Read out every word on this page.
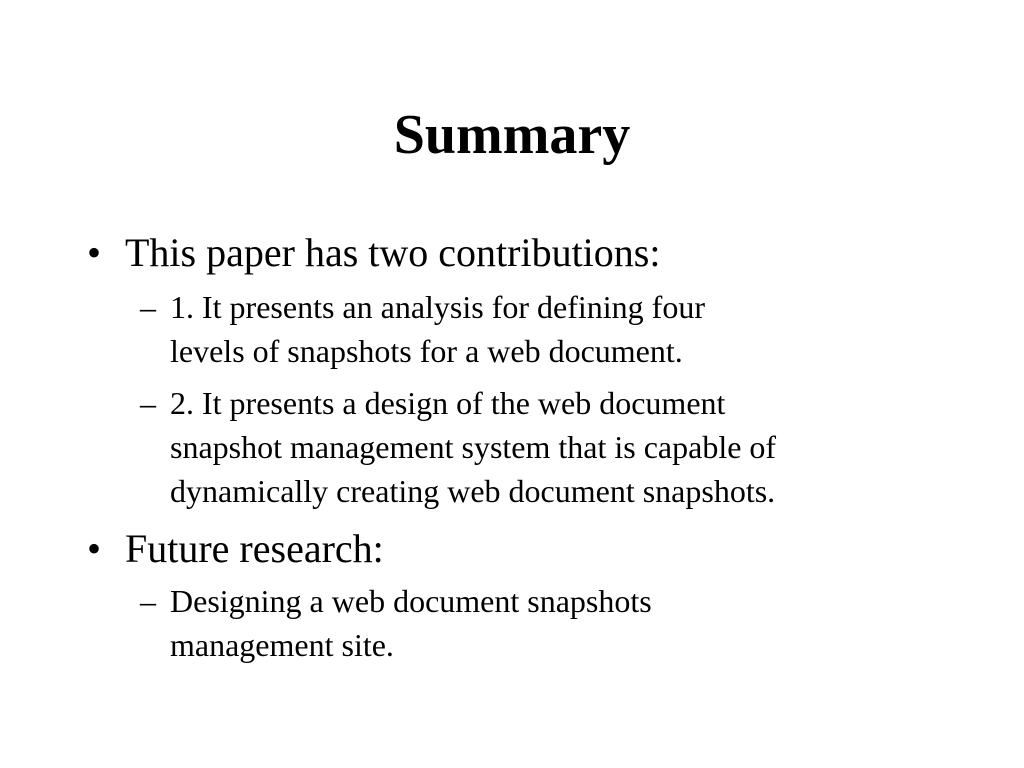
Summary
• This paper has two contributions:
– 1. It presents an analysis for defining four
levels of snapshots for a web document.
– 2. It presents a design of the web document
snapshot management system that is capable of
dynamically creating web document snapshots.
• Future research:
– Designing a web document snapshots
management site.
